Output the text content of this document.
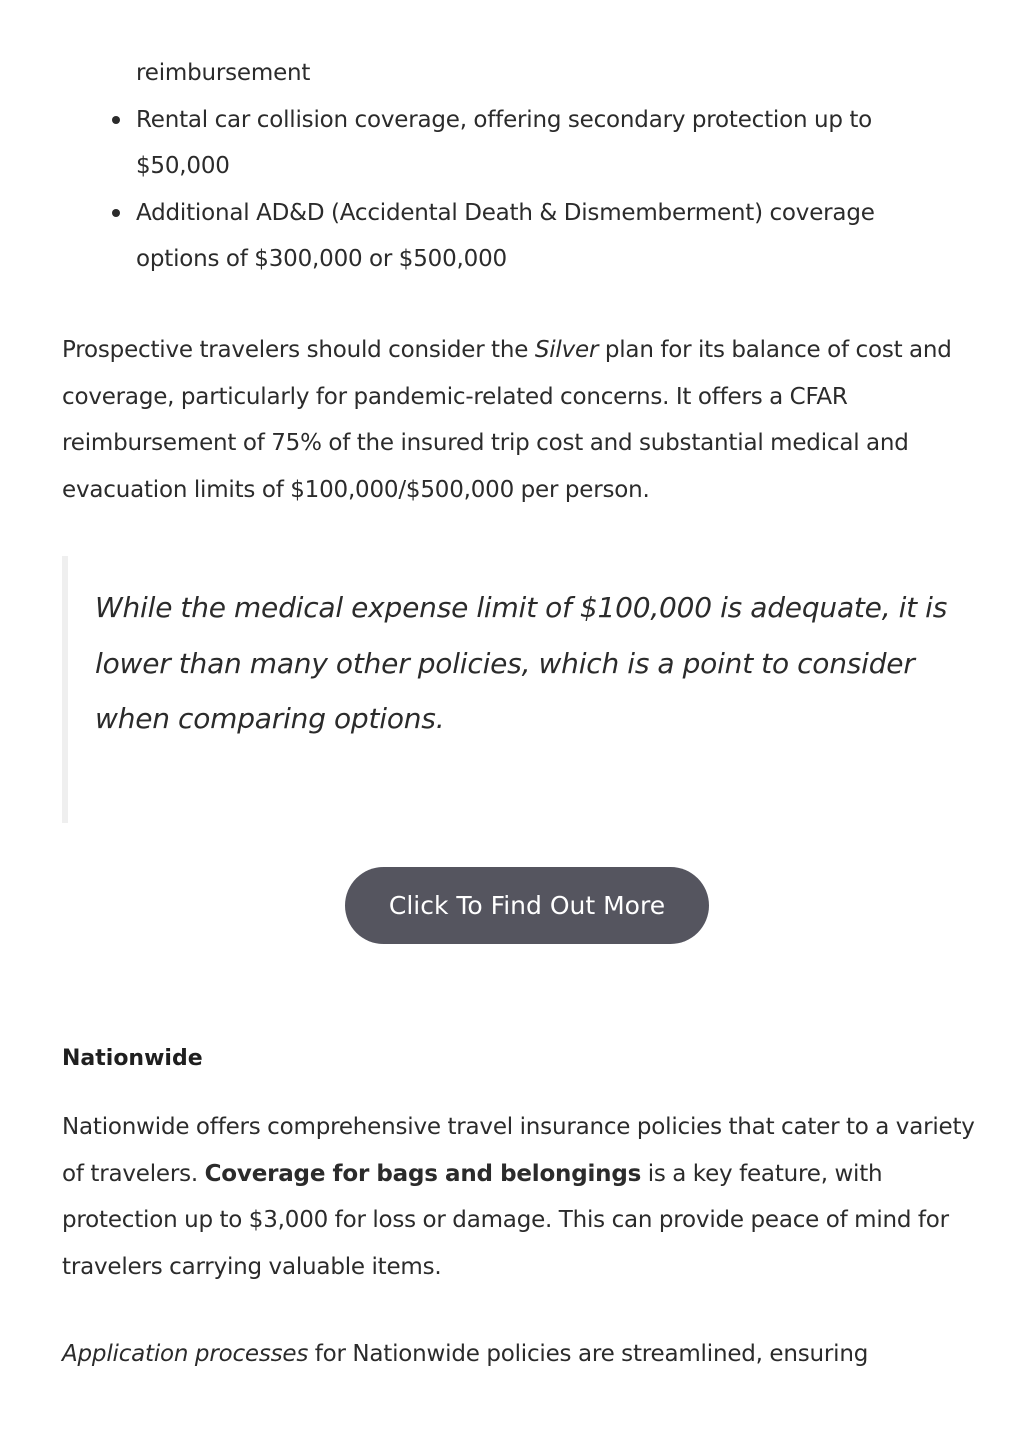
reimbursement
Rental car collision coverage, offering secondary protection up to $50,000
Additional AD&D (Accidental Death & Dismemberment) coverage options of $300,000 or $500,000

Prospective travelers should consider the Silver plan for its balance of cost and coverage, particularly for pandemic-related concerns. It offers a CFAR reimbursement of 75% of the insured trip cost and substantial medical and evacuation limits of $100,000/$500,000 per person.

While the medical expense limit of $100,000 is adequate, it is lower than many other policies, which is a point to consider when comparing options.

Click To Find Out More
Nationwide

Nationwide offers comprehensive travel insurance policies that cater to a variety of travelers. Coverage for bags and belongings is a key feature, with protection up to $3,000 for loss or damage. This can provide peace of mind for travelers carrying valuable items.

Application processes for Nationwide policies are streamlined, ensuring
